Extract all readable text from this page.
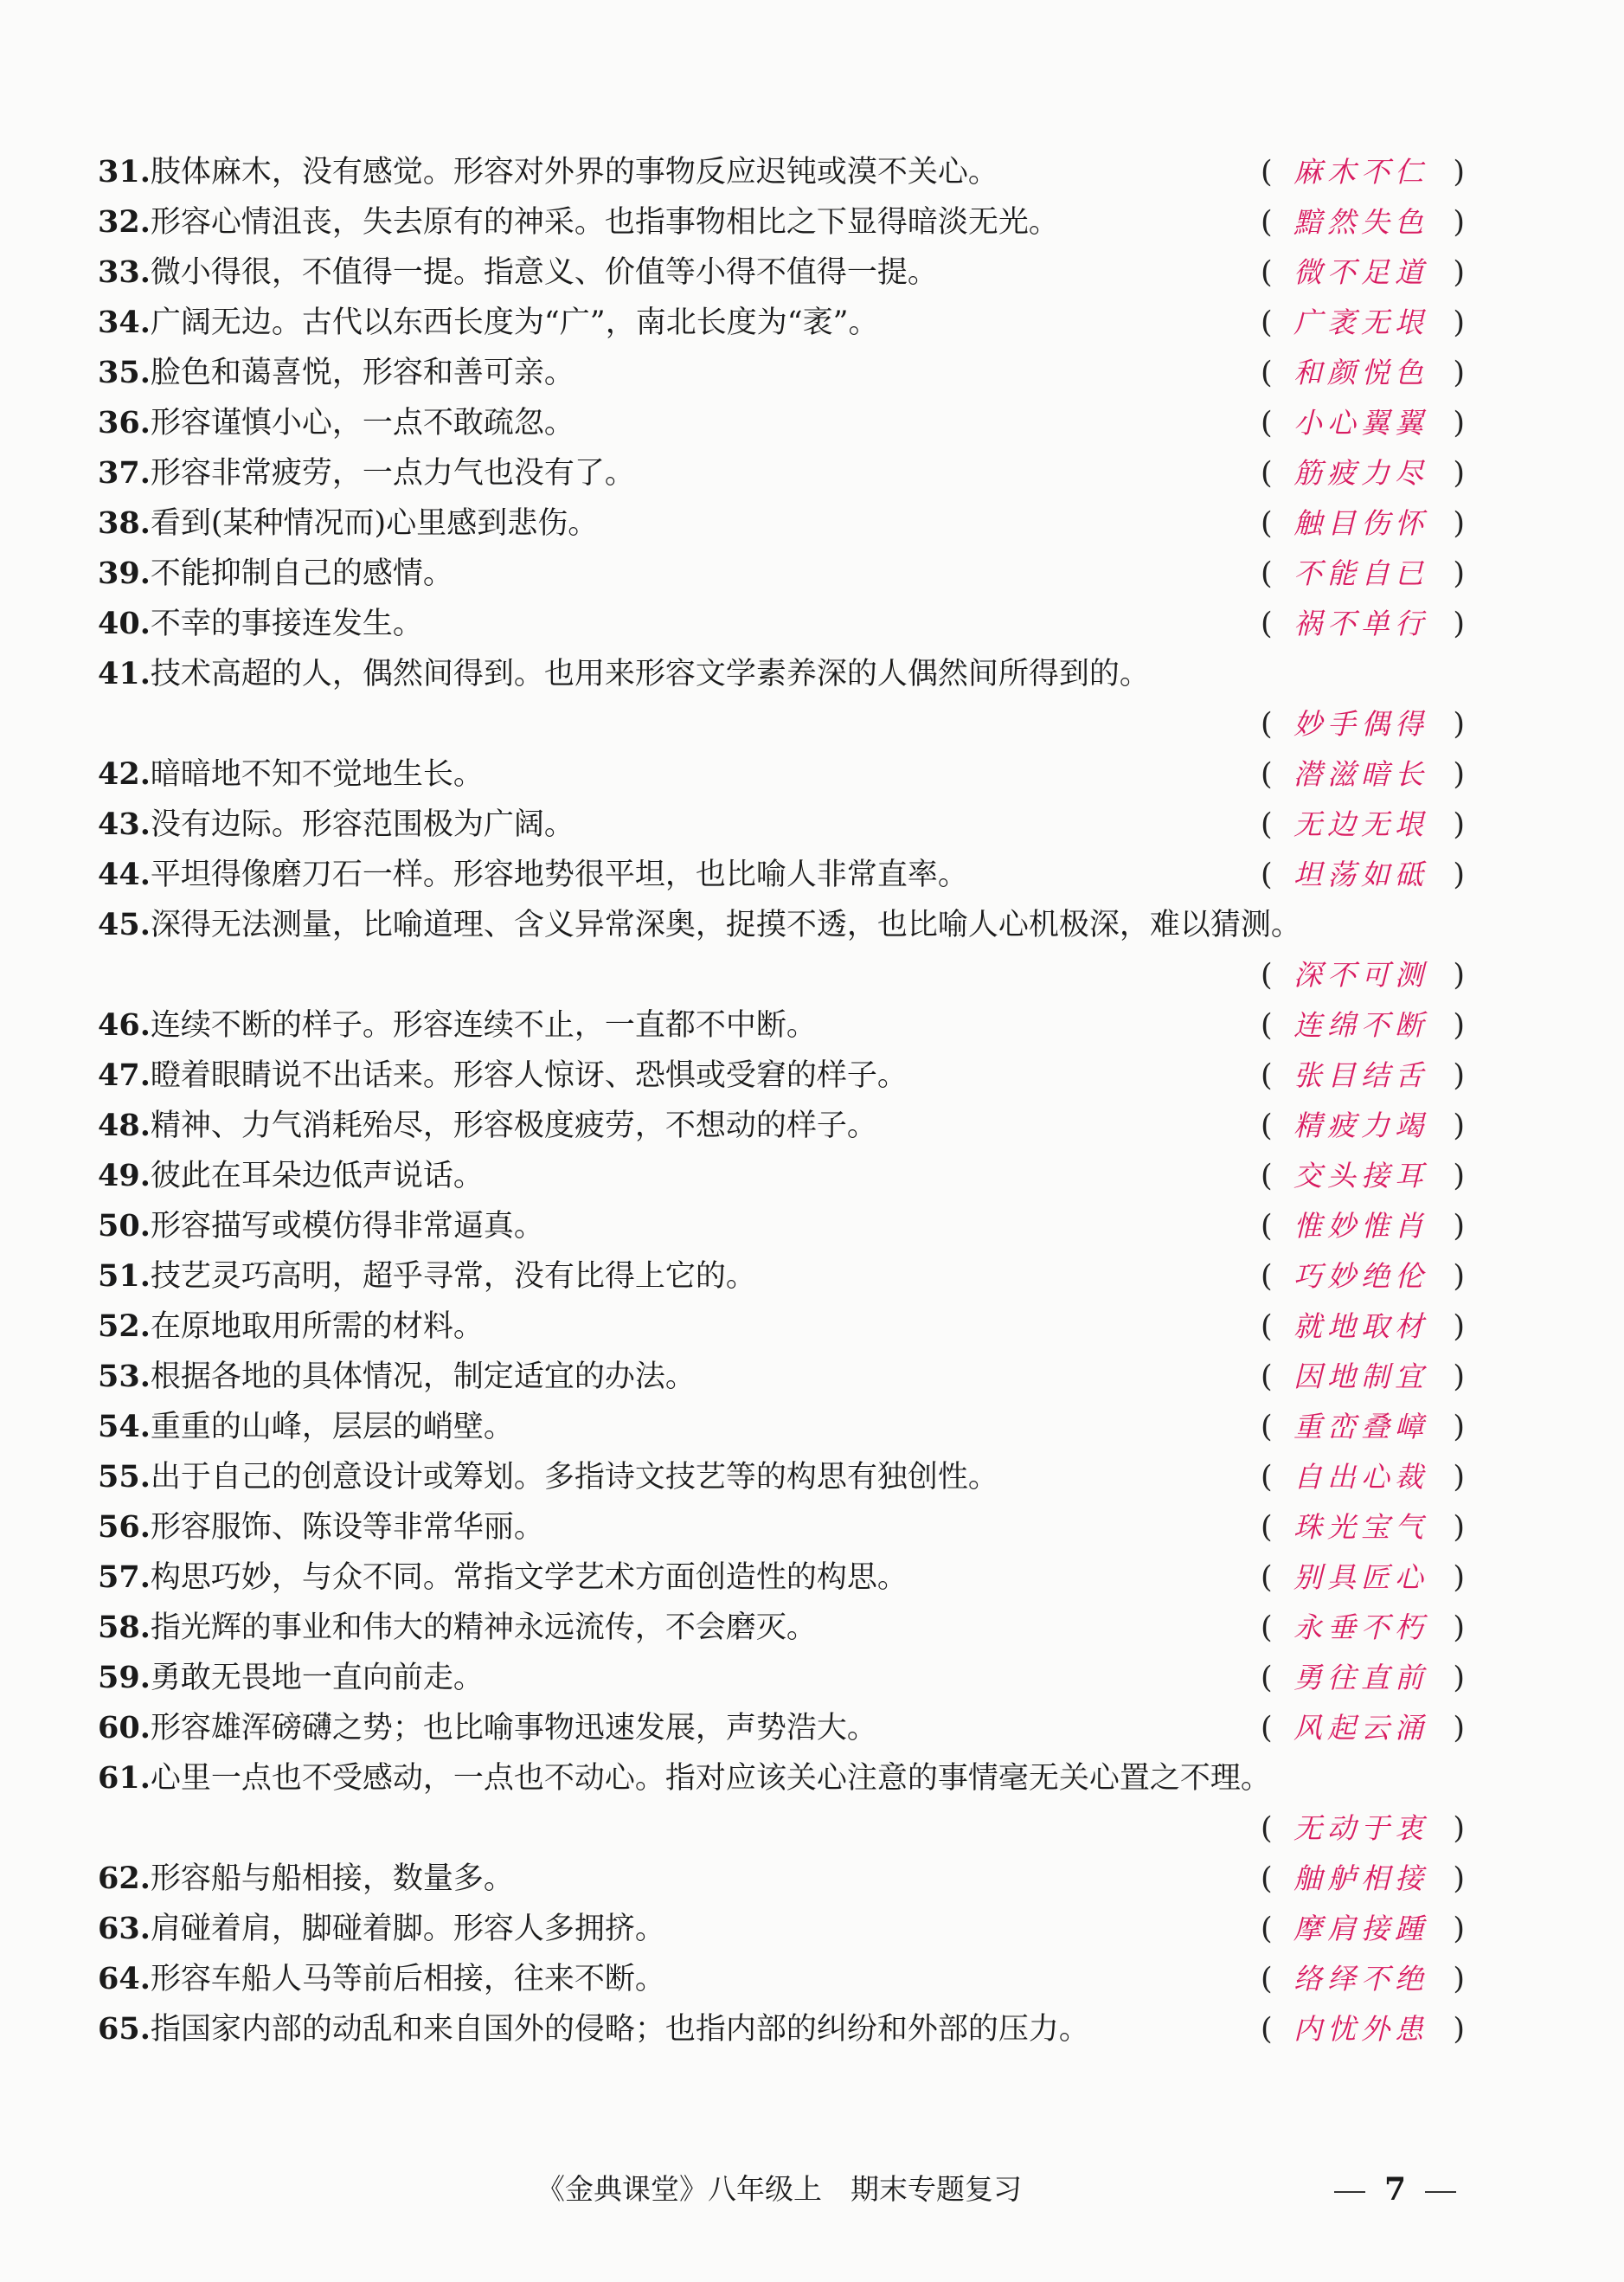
31.肢体麻木，没有感觉。形容对外界的事物反应迟钝或漠不关心。	( 麻木不仁 )
32.形容心情沮丧，失去原有的神采。也指事物相比之下显得暗淡无光。	( 黯然失色 )
33.微小得很，不值得一提。指意义、价值等小得不值得一提。	( 微不足道 )
34.广阔无边。古代以东西长度为“广”，南北长度为“袤”。	( 广袤无垠 )
35.脸色和蔼喜悦，形容和善可亲。	( 和颜悦色 )
36.形容谨慎小心，一点不敢疏忽。	( 小心翼翼 )
37.形容非常疲劳，一点力气也没有了。	( 筋疲力尽 )
38.看到(某种情况而)心里感到悲伤。	( 触目伤怀 )
39.不能抑制自己的感情。	( 不能自已 )
40.不幸的事接连发生。	( 祸不单行 )
41.技术高超的人，偶然间得到。也用来形容文学素养深的人偶然间所得到的。
( 妙手偶得 )
42.暗暗地不知不觉地生长。	( 潜滋暗长 )
43.没有边际。形容范围极为广阔。	( 无边无垠 )
44.平坦得像磨刀石一样。形容地势很平坦，也比喻人非常直率。	( 坦荡如砥 )
45.深得无法测量，比喻道理、含义异常深奥，捉摸不透，也比喻人心机极深，难以猜测。
( 深不可测 )
46.连续不断的样子。形容连续不止，一直都不中断。	( 连绵不断 )
47.瞪着眼睛说不出话来。形容人惊讶、恐惧或受窘的样子。	( 张目结舌 )
48.精神、力气消耗殆尽，形容极度疲劳，不想动的样子。	( 精疲力竭 )
49.彼此在耳朵边低声说话。	( 交头接耳 )
50.形容描写或模仿得非常逼真。	( 惟妙惟肖 )
51.技艺灵巧高明，超乎寻常，没有比得上它的。	( 巧妙绝伦 )
52.在原地取用所需的材料。	( 就地取材 )
53.根据各地的具体情况，制定适宜的办法。	( 因地制宜 )
54.重重的山峰，层层的峭壁。	( 重峦叠嶂 )
55.出于自己的创意设计或筹划。多指诗文技艺等的构思有独创性。	( 自出心裁 )
56.形容服饰、陈设等非常华丽。	( 珠光宝气 )
57.构思巧妙，与众不同。常指文学艺术方面创造性的构思。	( 别具匠心 )
58.指光辉的事业和伟大的精神永远流传，不会磨灭。	( 永垂不朽 )
59.勇敢无畏地一直向前走。	( 勇往直前 )
60.形容雄浑磅礴之势；也比喻事物迅速发展，声势浩大。	( 风起云涌 )
61.心里一点也不受感动，一点也不动心。指对应该关心注意的事情毫无关心置之不理。
( 无动于衷 )
62.形容船与船相接，数量多。	( 舳舻相接 )
63.肩碰着肩，脚碰着脚。形容人多拥挤。	( 摩肩接踵 )
64.形容车船人马等前后相接，往来不断。	( 络绎不绝 )
65.指国家内部的动乱和来自国外的侵略；也指内部的纠纷和外部的压力。	( 内忧外患 )
《金典课堂》八年级上　期末专题复习	7
